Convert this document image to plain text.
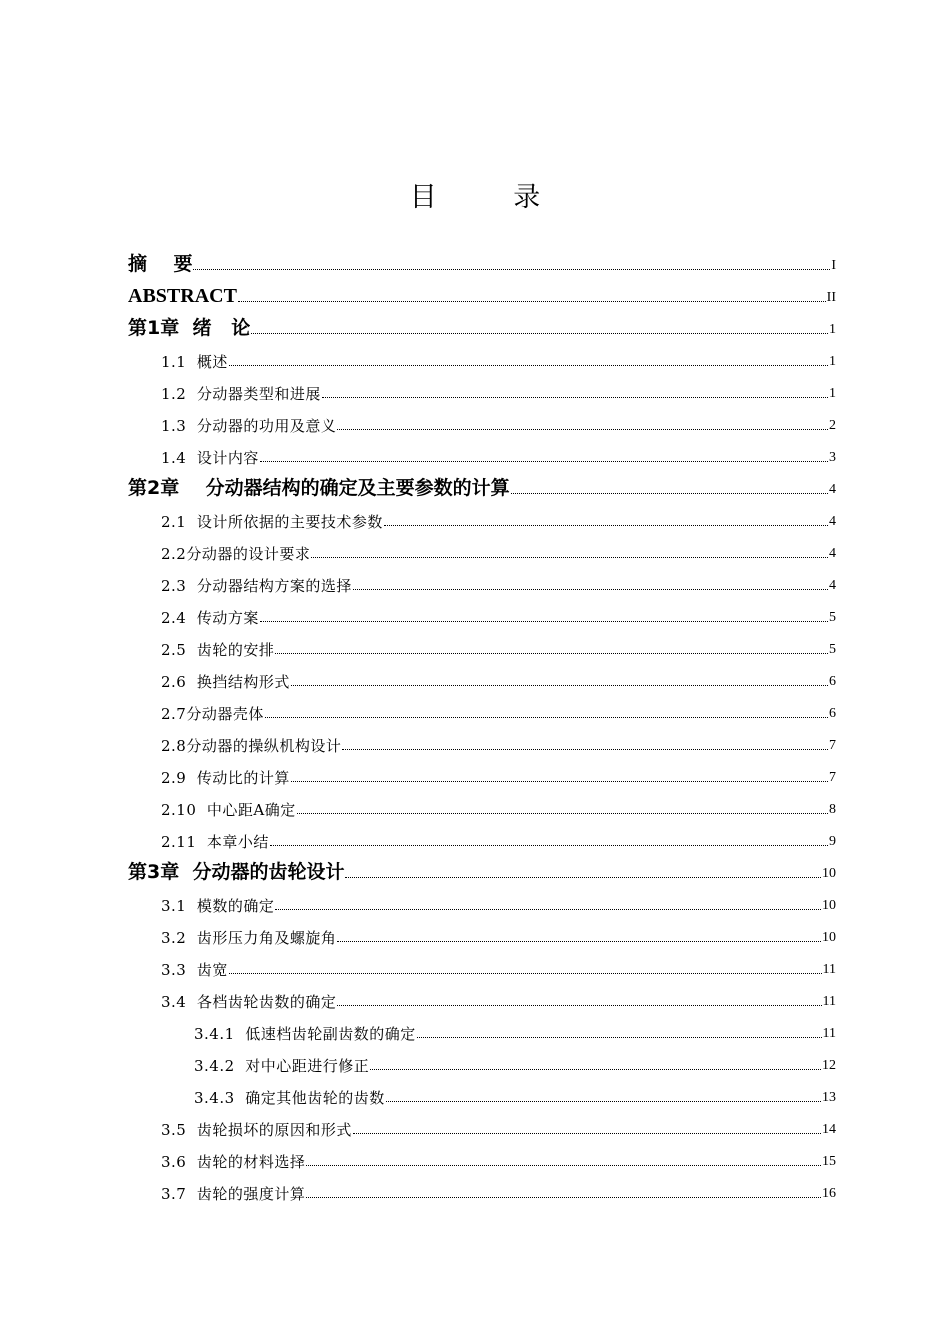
目 录
摘    要	I
ABSTRACT	II
第1章  绪   论	1
1.1  概述	1
1.2  分动器类型和进展	1
1.3  分动器的功用及意义	2
1.4  设计内容	3
第2章    分动器结构的确定及主要参数的计算	4
2.1  设计所依据的主要技术参数	4
2.2分动器的设计要求	4
2.3  分动器结构方案的选择	4
2.4  传动方案	5
2.5  齿轮的安排	5
2.6  换挡结构形式	6
2.7分动器壳体	6
2.8分动器的操纵机构设计	7
2.9  传动比的计算	7
2.10  中心距A确定	8
2.11  本章小结	9
第3章  分动器的齿轮设计	10
3.1  模数的确定	10
3.2  齿形压力角及螺旋角	10
3.3  齿宽	11
3.4  各档齿轮齿数的确定	11
3.4.1  低速档齿轮副齿数的确定	11
3.4.2  对中心距进行修正	12
3.4.3  确定其他齿轮的齿数	13
3.5  齿轮损坏的原因和形式	14
3.6  齿轮的材料选择	15
3.7  齿轮的强度计算	16
